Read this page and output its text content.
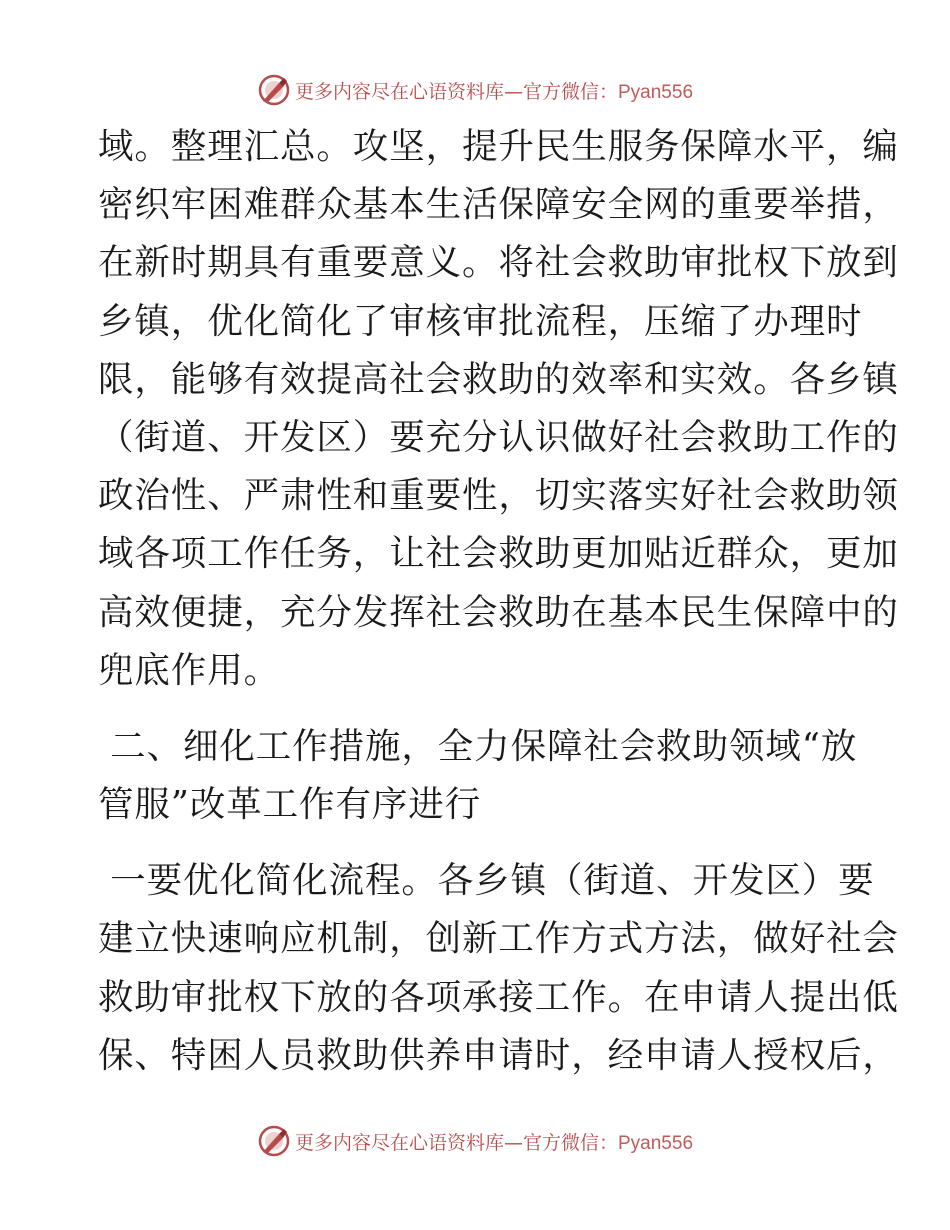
更多内容尽在心语资料库—官方微信：Pyan556
域。整理汇总。攻坚，提升民生服务保障水平，编
密织牢困难群众基本生活保障安全网的重要举措，
在新时期具有重要意义。将社会救助审批权下放到
乡镇，优化简化了审核审批流程，压缩了办理时
限，能够有效提高社会救助的效率和实效。各乡镇
（街道、开发区）要充分认识做好社会救助工作的
政治性、严肃性和重要性，切实落实好社会救助领
域各项工作任务，让社会救助更加贴近群众，更加
高效便捷，充分发挥社会救助在基本民生保障中的
兜底作用。
二、细化工作措施，全力保障社会救助领域“放
管服”改革工作有序进行
一要优化简化流程。各乡镇（街道、开发区）要
建立快速响应机制，创新工作方式方法，做好社会
救助审批权下放的各项承接工作。在申请人提出低
保、特困人员救助供养申请时，经申请人授权后，
更多内容尽在心语资料库—官方微信：Pyan556
